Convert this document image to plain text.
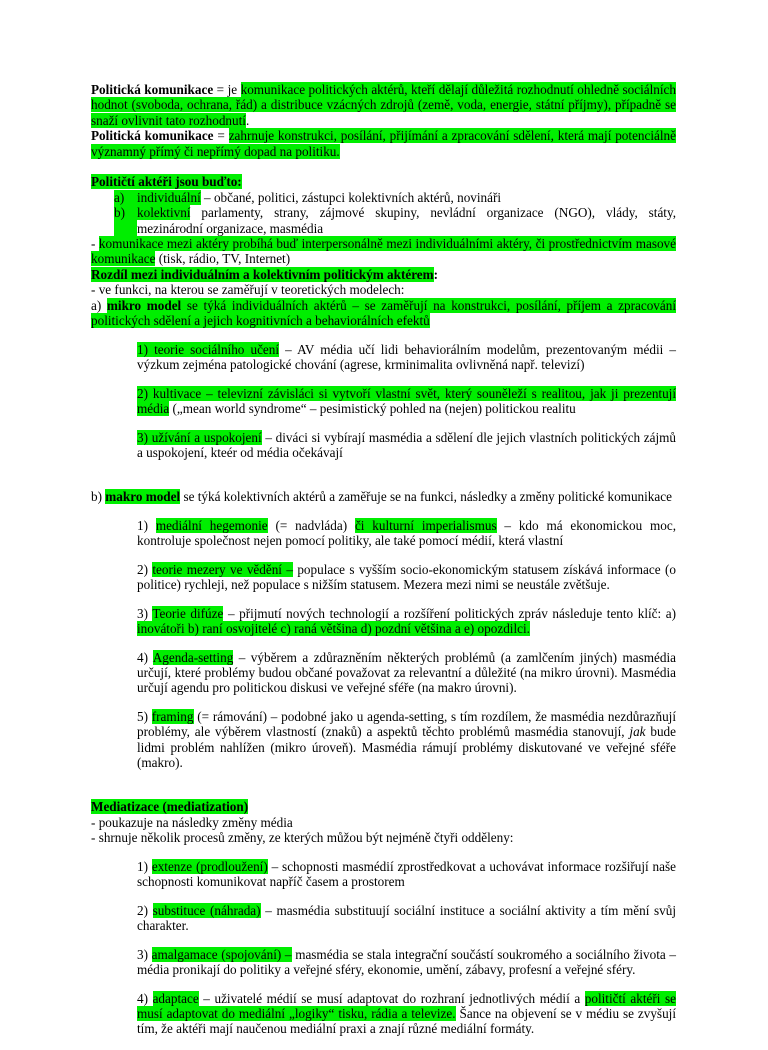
Politická komunikace = je komunikace politických aktérů, kteří dělají důležitá rozhodnutí ohledně sociálních hodnot (svoboda, ochrana, řád) a distribuce vzácných zdrojů (země, voda, energie, státní příjmy), případně se snaží ovlivnit tato rozhodnutí.

Politická komunikace = zahrnuje konstrukci, posílání, přijímání a zpracování sdělení, která mají potenciálně významný přímý či nepřímý dopad na politiku.

Političtí aktéři jsou buďto:

a) individuální – občané, politici, zástupci kolektivních aktérů, novináři
b) kolektivní parlamenty, strany, zájmové skupiny, nevládní organizace (NGO), vlády, státy, mezinárodní organizace, masmédia

- komunikace mezi aktéry probíhá buď interpersonálně mezi individuálními aktéry, či prostřednictvím masové komunikace (tisk, rádio, TV, Internet)

Rozdíl mezi individuálním a kolektivním politickým aktérem:

- ve funkci, na kterou se zaměřují v teoretických modelech:

a) mikro model se týká individuálních aktérů – se zaměřují na konstrukci, posílání, příjem a zpracování politických sdělení a jejich kognitivních a behaviorálních efektů

1) teorie sociálního učení – AV média učí lidi behaviorálním modelům, prezentovaným médii – výzkum zejména patologické chování (agrese, krminimalita ovlivněná např. televizí)

2) kultivace – televizní závisláci si vytvoří vlastní svět, který souněleží s realitou, jak ji prezentují média („mean world syndrome“ – pesimistický pohled na (nejen) politickou realitu

3) užívání a uspokojení – diváci si vybírají masmédia a sdělení dle jejich vlastních politických zájmů a uspokojení, kteér od média očekávají

b) makro model se týká kolektivních aktérů a zaměřuje se na funkci, následky a změny politické komunikace

1) mediální hegemonie (= nadvláda) či kulturní imperialismus – kdo má ekonomickou moc, kontroluje společnost nejen pomocí politiky, ale také pomocí médií, která vlastní

2) teorie mezery ve vědění – populace s vyšším socio-ekonomickým statusem získává informace (o politice) rychleji, než populace s nižším statusem. Mezera mezi nimi se neustále zvětšuje.

3) Teorie difúze – přijmutí nových technologií a rozšíření politických zpráv následuje tento klíč: a) inovátoři b) raní osvojitelé c) raná většina d) pozdní většina a e) opozdilci.

4) Agenda-setting – výběrem a zdůrazněním některých problémů (a zamlčením jiných) masmédia určují, které problémy budou občané považovat za relevantní a důležité (na mikro úrovni). Masmédia určují agendu pro politickou diskusi ve veřejné sféře (na makro úrovni).

5) framing (= rámování) – podobné jako u agenda-setting, s tím rozdílem, že masmédia nezdůrazňují problémy, ale výběrem vlastností (znaků) a aspektů těchto problémů masmédia stanovují, jak bude lidmi problém nahlížen (mikro úroveň). Masmédia rámují problémy diskutované ve veřejné sféře (makro).

Mediatizace (mediatization)

- poukazuje na následky změny média

- shrnuje několik procesů změny, ze kterých můžou být nejméně čtyři odděleny:

1) extenze (prodloužení) – schopnosti masmédií zprostředkovat a uchovávat informace rozšiřují naše schopnosti komunikovat napříč časem a prostorem

2) substituce (náhrada) – masmédia substituují sociální instituce a sociální aktivity a tím mění svůj charakter.

3) amalgamace (spojování) – masmédia se stala integrační součástí soukromého a sociálního života – média pronikají do politiky a veřejné sféry, ekonomie, umění, zábavy, profesní a veřejné sféry.

4) adaptace – uživatelé médií se musí adaptovat do rozhraní jednotlivých médií a političtí aktéři se musí adaptovat do mediální „logiky“ tisku, rádia a televize. Šance na objevení se v médiu se zvyšují tím, že aktéři mají naučenou mediální praxi a znají různé mediální formáty.
